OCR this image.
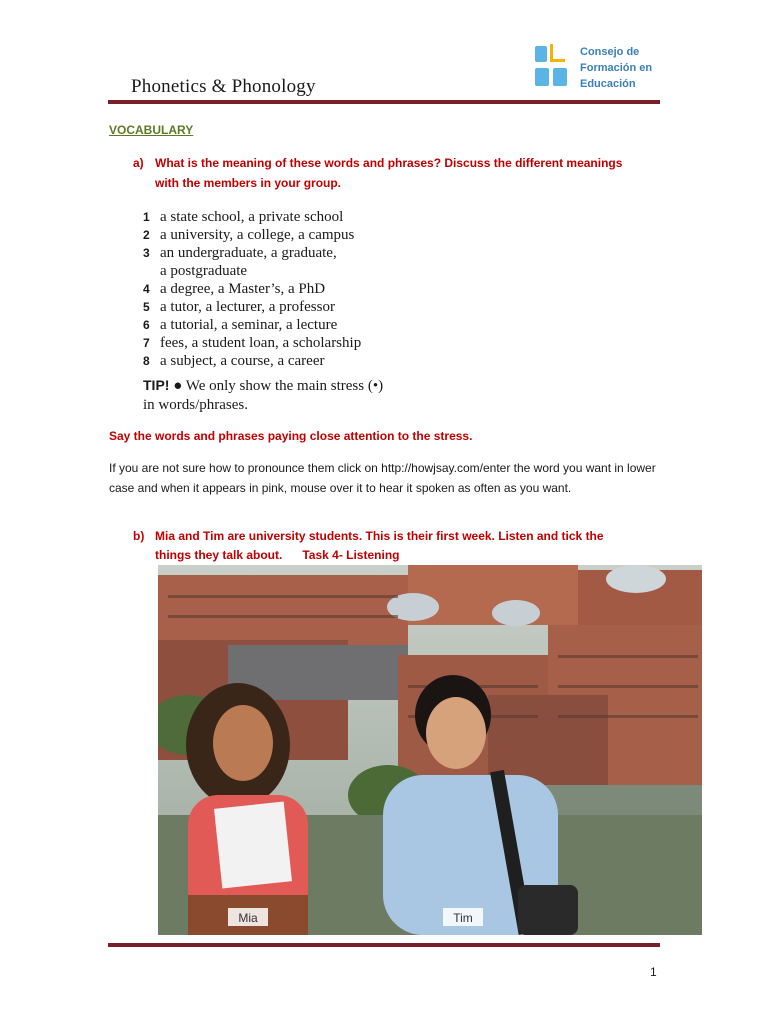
Phonetics & Phonology
Consejo de
Formación en
Educación
VOCABULARY
a) What is the meaning of these words and phrases? Discuss the different meanings
with the members in your group.
1 a state school, a private school
2 a university, a college, a campus
3 an undergraduate, a graduate,
a postgraduate
4 a degree, a Master’s, a PhD
5 a tutor, a lecturer, a professor
6 a tutorial, a seminar, a lecture
7 fees, a student loan, a scholarship
8 a subject, a course, a career
TIP! ● We only show the main stress (•)
in words/phrases.
Say the words and phrases paying close attention to the stress.
If you are not sure how to pronounce them click on http://howjsay.com/enter the word you want in lower case and when it appears in pink, mouse over it to hear it spoken as often as you want.
b) Mia and Tim are university students. This is their first week. Listen and tick the
things they talk about.      Task 4- Listening
Mia	Tim
1
